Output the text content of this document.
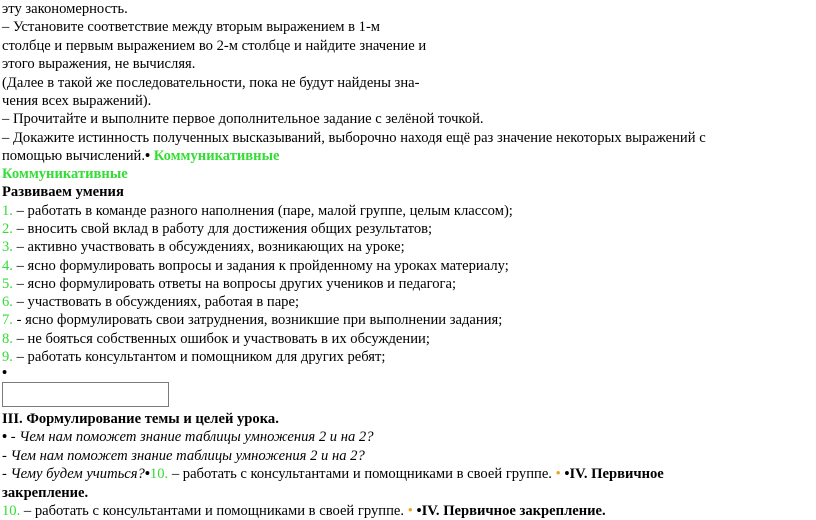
эту закономерность.
– Установите соответствие между вторым выражением в 1-м
столбце и первым выражением во 2-м столбце и найдите значение и
этого выражения, не вычисляя.
(Далее в такой же последовательности, пока не будут найдены зна-
чения всех выражений).
– Прочитайте и выполните первое дополнительное задание с зелёной точкой.
– Докажите истинность полученных высказываний, выборочно находя ещё раз значение некоторых выражений с
помощью вычислений.• Коммуникативные
Коммуникативные
Развиваем умения
1. – работать в команде разного наполнения (паре, малой группе, целым классом);
2. – вносить свой вклад в работу для достижения общих результатов;
3. – активно участвовать в обсуждениях, возникающих на уроке;
4. – ясно формулировать вопросы и задания к пройденному на уроках материалу;
5. – ясно формулировать ответы на вопросы других учеников и педагога;
6. – участвовать в обсуждениях, работая в паре;
7. - ясно формулировать свои затруднения, возникшие при выполнении задания;
8. – не бояться собственных ошибок и участвовать в их обсуждении;
9. – работать консультантом и помощником для других ребят;
•
III. Формулирование темы и целей урока.
• - Чем нам поможет знание таблицы умножения 2 и на 2?
- Чем нам поможет знание таблицы умножения 2 и на 2?
- Чему будем учиться?•10. – работать с консультантами и помощниками в своей группе. • •IV. Первичное
закрепление.
10. – работать с консультантами и помощниками в своей группе. • •IV. Первичное закрепление.
